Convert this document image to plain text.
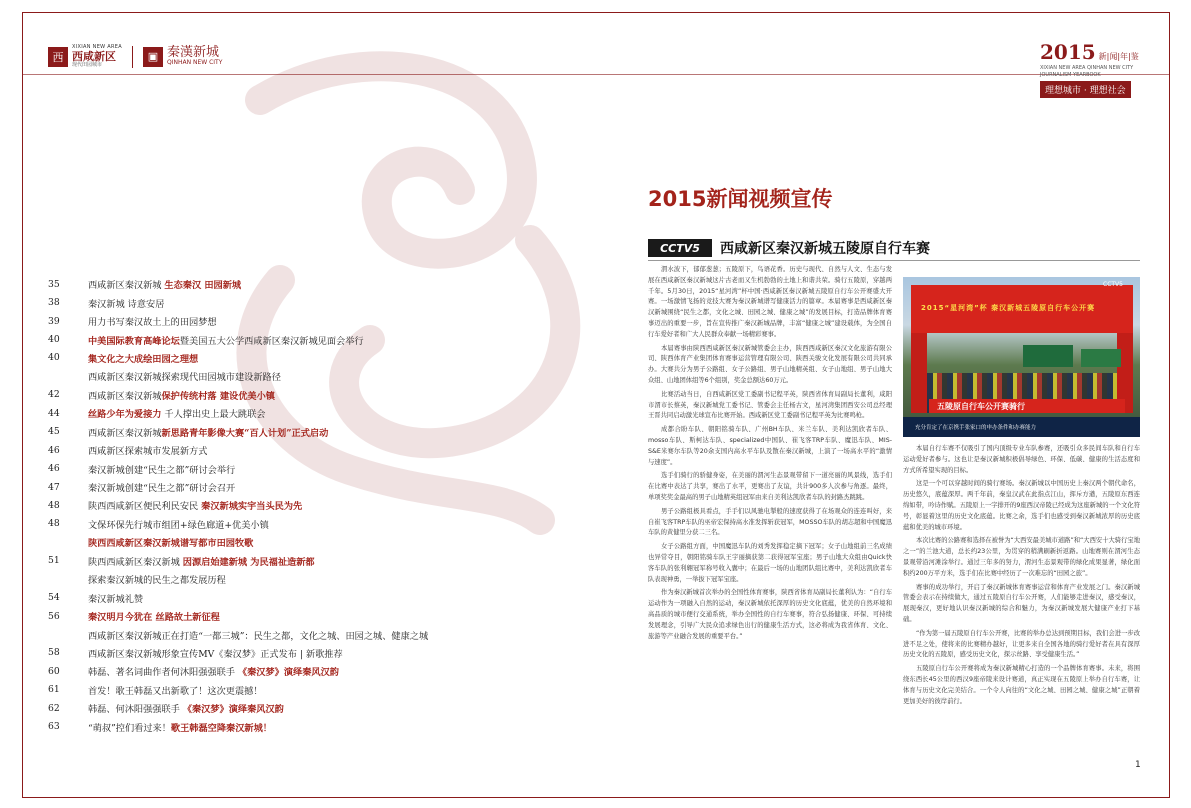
西
XIXIAN NEW AREA
西咸新区
现代田园城市
▣ 秦漢新城
QINHAN NEW CITY	2015 新|闻|年|鉴
XIXIAN NEW AREA QINHAN NEW CITY
JOURNALISM YEARBOOK
理想城市 · 理想社会
35	西咸新区秦汉新城 生态秦汉 田园新城
38	秦汉新城 诗意安居
39	用力书写秦汉故土上的田园梦想
40	中美国际教育高峰论坛暨美国五大公学西咸新区秦汉新城见面会举行
40	集文化之大成绘田园之理想
西咸新区秦汉新城探索现代田园城市建设新路径
42	西咸新区秦汉新城保护传统村落 建设优美小镇
44	丝路少年为爱接力 千人撑出史上最大跳联会
45	西咸新区秦汉新城新思路青年影像大赛“百人计划”正式启动
46	西咸新区探索城市发展新方式
46	秦汉新城创建“民生之都”研讨会举行
47	秦汉新城创建“民生之都”研讨会召开
48	陕西西咸新区便民利民安民 秦汉新城实宇当头民为先
48	文保环保先行城市组团+绿色廊道+优美小镇
陕西西咸新区秦汉新城谱写都市田园牧歌
51	陕西西咸新区秦汉新城 因源启始建新城 为民福祉造新都
探索秦汉新城的民生之都发展历程
54	秦汉新城礼赞
56	秦汉明月今犹在 丝路故土新征程
西咸新区秦汉新城正在打造“一都三城”：民生之都，文化之城、田园之城、健康之城
58	西咸新区秦汉新城形象宣传MV《秦汉梦》正式发布 | 新歌推荐
60	韩磊、著名词曲作者何沐阳强强联手 《秦汉梦》演绎秦风汉韵
61	首发！歌王韩磊又出新歌了！这次更震撼！
62	韩磊、何沐阳强强联手 《秦汉梦》演绎秦风汉韵
63	“萌叔”控们看过来！歌王韩磊空降秦汉新城！
2015新闻视频宣传
CCTV5	西咸新区秦汉新城五陵原自行车赛

渭水波下，郁郁葱葱；五陵原下，鸟语花香。历史与现代、自然与人文、生态与发展在西咸新区秦汉新城这片古老而又生机勃勃的土地上和谐共荣。骑行五陵原，穿越两千年。5月30日，2015“星河湾”杯中国·西咸新区秦汉新城五陵原自行车公开赛盛大开赛。一场激情飞扬的竞技大赛为秦汉新城谱写健康活力的篇章。本届赛事是西咸新区秦汉新城围绕“民生之都，文化之城、田园之城、健康之城”的发展目标，打造品牌体育赛事迈出的重要一步，旨在宣传推广秦汉新城品牌，丰富“健康之城”建设载体，为全国自行车爱好者和广大人民群众奉献一场精彩赛事。

本届赛事由陕西西咸新区秦汉新城管委会主办，陕西西咸新区秦汉文化旅游有限公司、陕西体育产业集团体育赛事运营管理有限公司、陕西关骏文化发展有限公司共同承办。大赛共分为男子公路组、女子公路组、男子山地精英组、女子山地组、男子山地大众组、山地团体组等6个组别，奖金总额达60万元。

比赛活动当日，自西咸新区党工委副书记程平英，陕西省体育局副局长董利，咸阳市渭市长蔡英，秦汉新城党工委书记、管委会主任杨古文，星河湾集团西安公司总经理王晋共同启动激光球宣布比赛开始。西咸新区党工委副书记程平英为比赛鸣枪。

成都合盼车队、朝阳铭骑车队、广州BH车队、米兰车队、美利达凯欣者车队、mosso车队、斯柯达车队、specialized中国队、崔飞客TRP车队、魔迅车队、MIS-S&E米赛尔车队等20余支国内高水平车队及散在秦汉新城，上演了一场高水平的“激情与速度”。

选手们骑行的骄健身姿，在美丽的渭河生态景观带留下一道亮丽的风景线，选手们在比赛中表达了共享，赛出了水平，更赛出了友谊，共计900多人次参与角逐。最终，单项奖奖金最高的男子山地精英组冠军由来自美利达凯欣者车队的封路杰跳跳。

男子公路组极具看点，手手们以风驰电掣般的速度获得了在场观众的连连叫好，来自崔飞客TRP车队的巫帝宏保持高水准发挥斩获冠军，MOSSO车队的胡志超和中国魔迅车队的黄健里分获二三名。

女子公路组方面，中国魔迅车队的刘秀发挥稳定摘下冠军；女子山地组前三名成绩也异常夺目，朝阳铭骑车队王宇丽摘获第二获得冠军宝座；男子山地大众组由Quick快客车队的张利翱冠军称号收入囊中；在最后一场的山地团队组比赛中，美利达凯欣者车队表现神勇，一举拔下冠军宝座。

作为秦汉新城首次举办的全国性体育赛事，陕西省体育局副局长董利认为：“自行车运动作为一项融入自然的运动，秦汉新城依托深厚的历史文化底蕴，优美的自然环境和高品质的城市便行交通系统，举办全国性的自行车赛事，符合弘扬健康、环保、可持续发展理念，引导广大民众追求绿色出行的健康生活方式，这必将成为我省体育、文化、旅游等产业融合发展的重要平台。”

2015“星河湾”杯 秦汉新城五陵原自行车公开赛
五陵原自行车公开赛骑行
充分肯定了在京携手张家口的申办条件和办赛能力
CCTV5

本届自行车赛不仅吸引了国内顶级专业车队参赛，还吸引众多民间车队和自行车运动爱好者参与。这也让是秦汉新城积极倡导绿色、环保、低碳、健康的生活态度和方式所希望实现的目标。

这是一个可以穿越时间的骑行赛场。秦汉新城以中国历史上秦汉两个朝代命名，历史悠久，底蕴深厚。两千年前，秦皇汉武在此指点江山，挥斥方遒，五陵原东西连绵如带，吟诗作赋。五陵原上一字排开的9座西汉帝陵已经成为这座新城的一个文化符号，彰显着这里的历史文化底蕴。比赛之余，选手们也感受到秦汉新城浓厚的历史底蕴和优美的城市环境。

本次比赛的公路赛和选择在被誉为“大西安最美城市道路”和“大西安十大骑行宝地之一”的兰池大道，总长约23公里，为贯穿的稍满刷新折返路。山地赛则在渭河生态景观带沿河滩涂举行。通过三年多的努力，渭河生态景观带的绿化成果显著，绿化面积约200万平方米，选手们在比赛中经历了一次难忘的“田园之旅”。

赛事的成功举行，开启了秦汉新城体育赛事运营和体育产业发展之门。秦汉新城管委会表示在持续做大，通过五陵原自行车公开赛，人们能够走进秦汉，感受秦汉，展现秦汉，更好地认识秦汉新城的综合和魅力，为秦汉新城发展大健康产业打下基础。

“作为第一届五陵原自行车公开赛，比赛的举办总达到预期目标，我们会进一步改进不足之处，使将来的比赛精办越好，让更多来自全国各地的骑行爱好者在具有深厚历史文化的五陵原，感受历史文化，探示丝路、享受健康生活。”

五陵原自行车公开赛将成为秦汉新城精心打造的一个品牌体育赛事。未来，将围绕东西长45公里的西汉9座帝陵来设计赛道，真正实现在五陵原上举办自行车赛，让体育与历史文化完美结合。一个令人向往的“文化之城、田园之城、健康之城”正朝着更加美好的彼岸前行。

1
